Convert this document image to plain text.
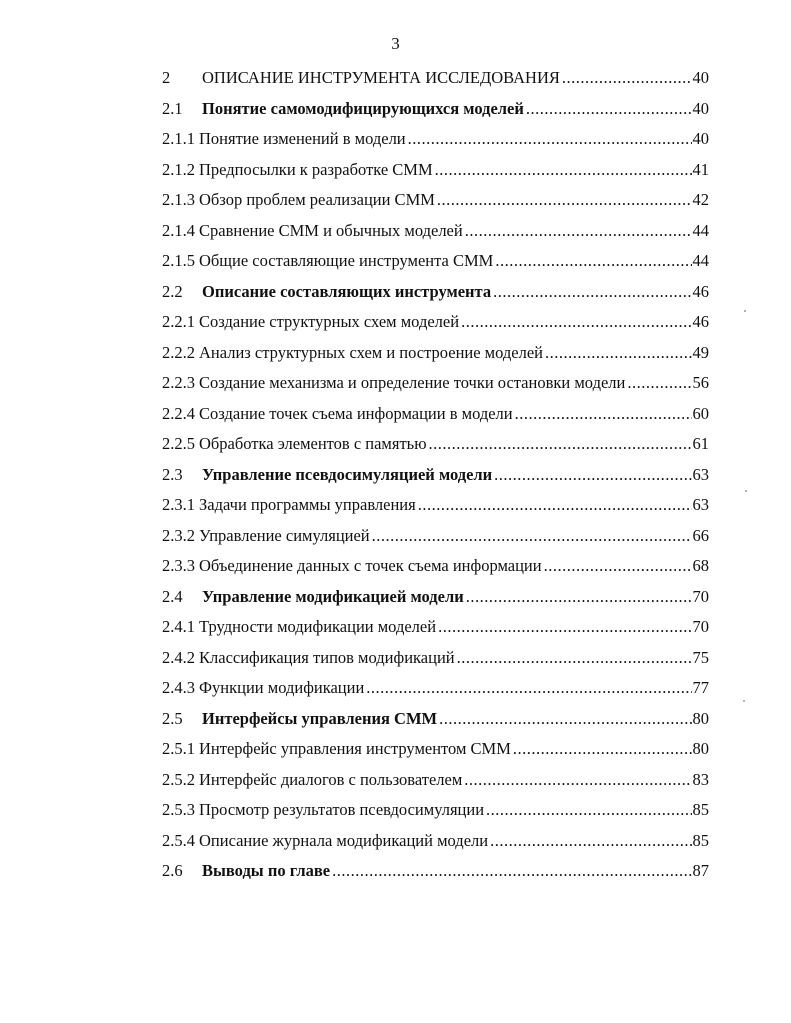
3
2	ОПИСАНИЕ ИНСТРУМЕНТА ИССЛЕДОВАНИЯ .....	40
2.1	Понятие самомодифицирующихся моделей .....	40
2.1.1 Понятие изменений в модели .....	40
2.1.2 Предпосылки к разработке СММ .....	41
2.1.3 Обзор проблем реализации СММ .....	42
2.1.4 Сравнение СММ и обычных моделей .....	44
2.1.5 Общие составляющие инструмента СММ .....	44
2.2	Описание составляющих инструмента .....	46
2.2.1 Создание структурных схем моделей .....	46
2.2.2 Анализ структурных схем и построение моделей .....	49
2.2.3 Создание механизма и определение точки остановки модели .....	56
2.2.4 Создание точек съема информации в модели .....	60
2.2.5 Обработка элементов с памятью .....	61
2.3	Управление псевдосимуляцией модели .....	63
2.3.1 Задачи программы управления .....	63
2.3.2 Управление симуляцией .....	66
2.3.3 Объединение данных с точек съема информации .....	68
2.4	Управление модификацией модели .....	70
2.4.1 Трудности модификации моделей .....	70
2.4.2 Классификация типов модификаций .....	75
2.4.3 Функции модификации .....	77
2.5	Интерфейсы управления СММ .....	80
2.5.1 Интерфейс управления инструментом СММ .....	80
2.5.2 Интерфейс диалогов с пользователем .....	83
2.5.3 Просмотр результатов псевдосимуляции .....	85
2.5.4 Описание журнала модификаций модели .....	85
2.6	Выводы по главе .....	87
